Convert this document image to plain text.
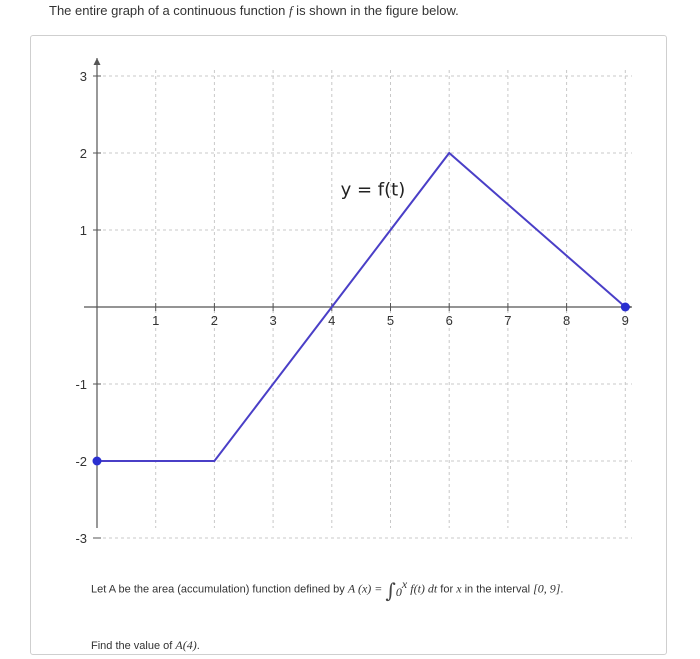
The entire graph of a continuous function f is shown in the figure below.
1	2	3	4	5	6	7	8	9
3
2
1
-1
-2
-3
y = f(t)
Let A be the area (accumulation) function defined by A $(x) = \int_0^x$ f(t) dt for x in the interval [0, 9].
Find the value of A(4).
